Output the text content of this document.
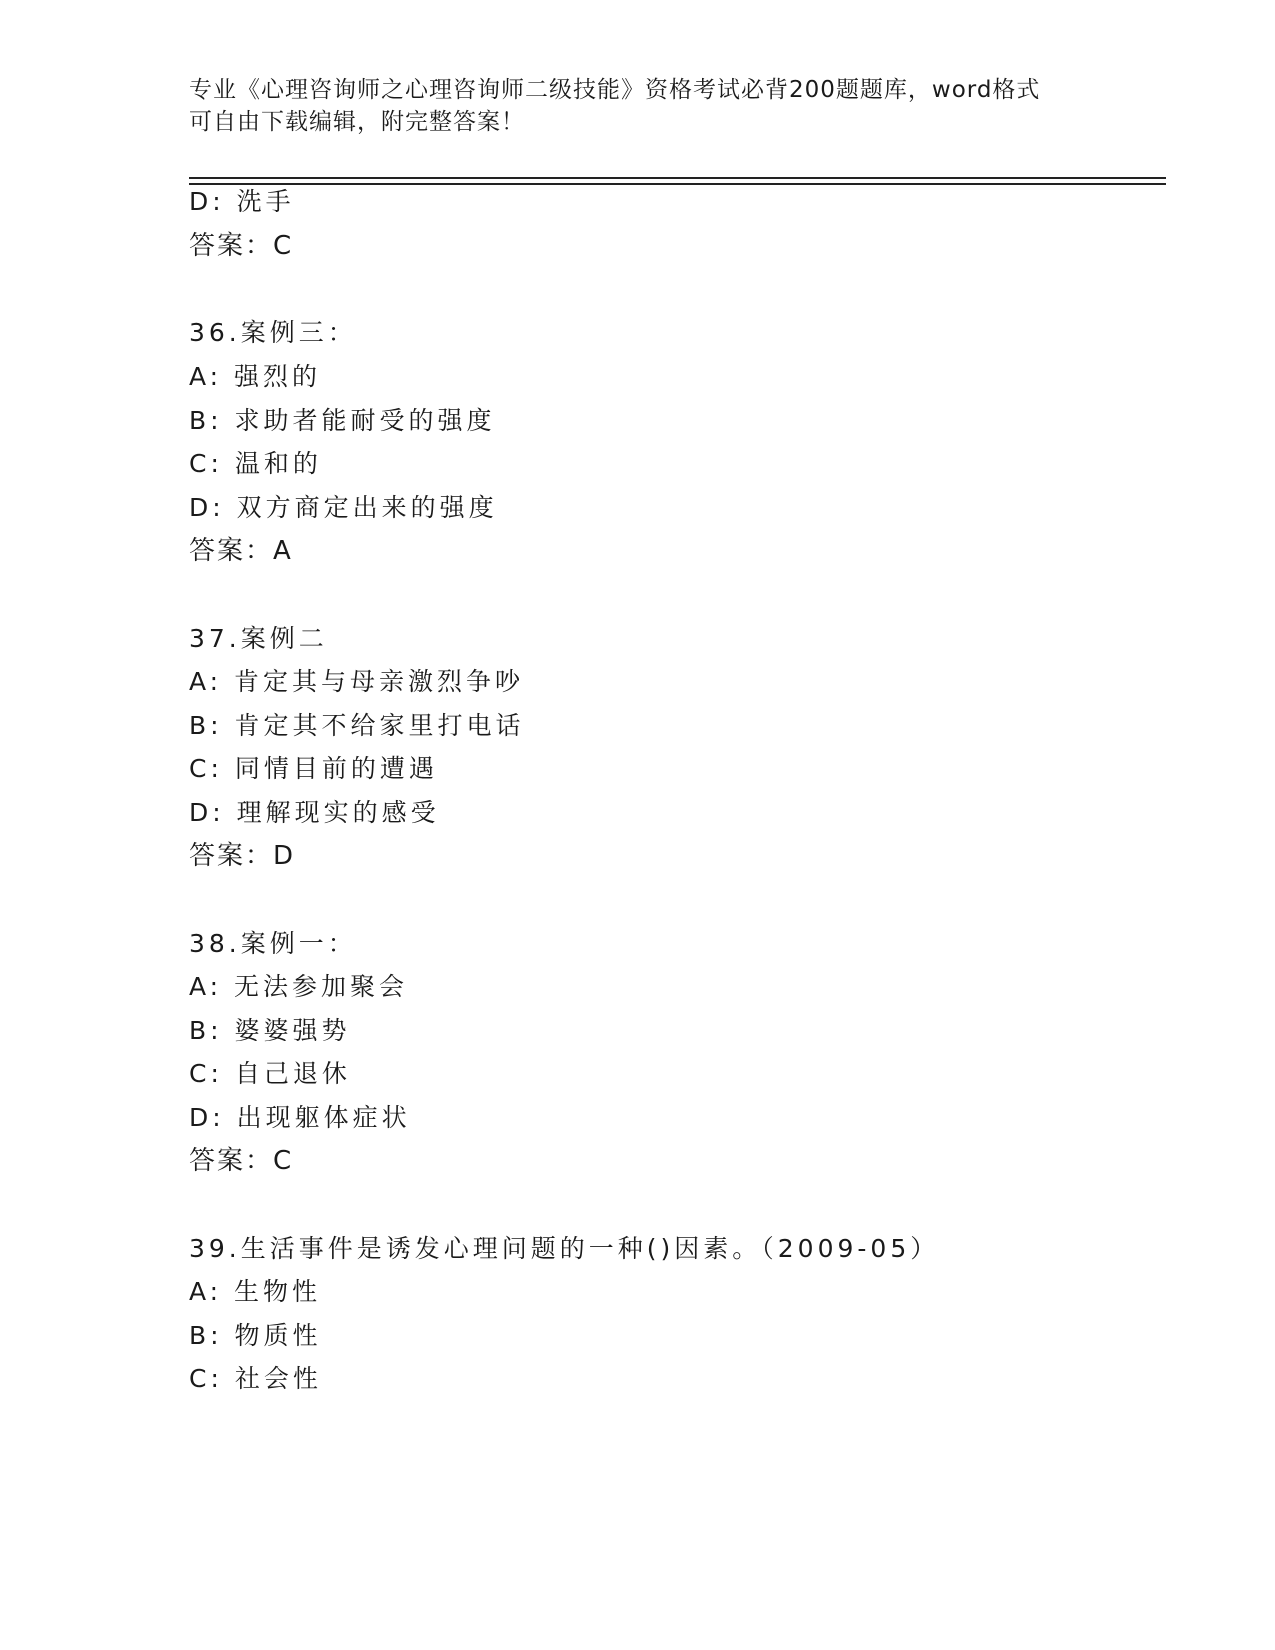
专业《心理咨询师之心理咨询师二级技能》资格考试必背200题题库，word格式
可自由下载编辑，附完整答案！
D: 洗手
答案：C
36.案例三：
A: 强烈的
B: 求助者能耐受的强度
C: 温和的
D: 双方商定出来的强度
答案：A
37.案例二
A: 肯定其与母亲激烈争吵
B: 肯定其不给家里打电话
C: 同情目前的遭遇
D: 理解现实的感受
答案：D
38.案例一：
A: 无法参加聚会
B: 婆婆强势
C: 自己退休
D: 出现躯体症状
答案：C
39.生活事件是诱发心理问题的一种()因素。（2009-05）
A: 生物性
B: 物质性
C: 社会性
